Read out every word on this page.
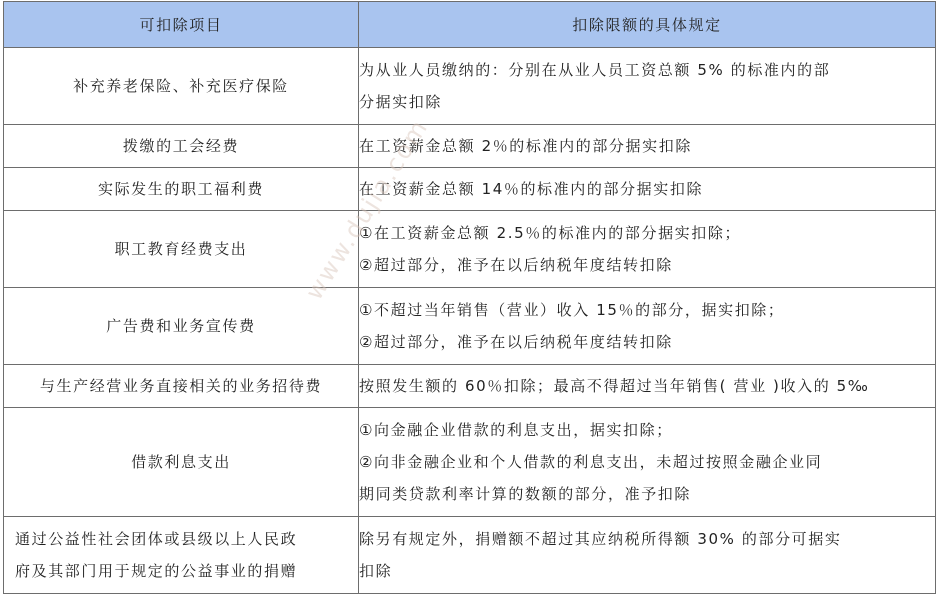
可扣除项目	扣除限额的具体规定
补充养老保险、补充医疗保险	为从业人员缴纳的：分别在从业人员工资总额 5% 的标准内的部
分据实扣除

拨缴的工会经费	在工资薪金总额 2％的标准内的部分据实扣除

实际发生的职工福利费	在工资薪金总额 14％的标准内的部分据实扣除

职工教育经费支出	①在工资薪金总额 2.5％的标准内的部分据实扣除；
②超过部分，准予在以后纳税年度结转扣除

广告费和业务宣传费	①不超过当年销售（营业）收入 15％的部分，据实扣除；
②超过部分，准予在以后纳税年度结转扣除

与生产经营业务直接相关的业务招待费	按照发生额的 60％扣除；最高不得超过当年销售( 营业 )收入的 5‰

借款利息支出	①向金融企业借款的利息支出，据实扣除；
②向非金融企业和个人借款的利息支出，未超过按照金融企业同
期同类贷款利率计算的数额的部分，准予扣除

通过公益性社会团体或县级以上人民政
府及其部门用于规定的公益事业的捐赠	除另有规定外，捐赠额不超过其应纳税所得额 30% 的部分可据实
扣除
www.dujia.com
